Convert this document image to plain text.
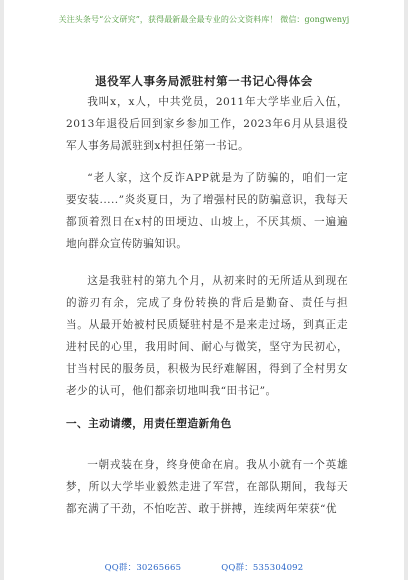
关注头条号“公文研究”，获得最新最全最专业的公文资料库！ 微信：gongwenyj
退役军人事务局派驻村第一书记心得体会

我叫x，x人，中共党员，2011年大学毕业后入伍，2013年退役后回到家乡参加工作，2023年6月从县退役军人事务局派驻到x村担任第一书记。

“老人家，这个反诈APP就是为了防骗的，咱们一定要安装.....”炎炎夏日，为了增强村民的防骗意识，我每天都顶着烈日在x村的田埂边、山坡上，不厌其烦、一遍遍地向群众宣传防骗知识。

这是我驻村的第九个月，从初来时的无所适从到现在的游刃有余，完成了身份转换的背后是勤奋、责任与担当。从最开始被村民质疑驻村是不是来走过场，到真正走进村民的心里，我用时间、耐心与微笑，坚守为民初心，甘当村民的服务员，积极为民纾难解困，得到了全村男女老少的认可，他们都亲切地叫我“田书记”。

一、主动请缨，用责任塑造新角色

一朝戎装在身，终身使命在肩。我从小就有一个英雄梦，所以大学毕业毅然走进了军营，在部队期间，我每天都充满了干劲，不怕吃苦、敢于拼搏，连续两年荣获“优

QQ群：30265665	QQ群：535304092
